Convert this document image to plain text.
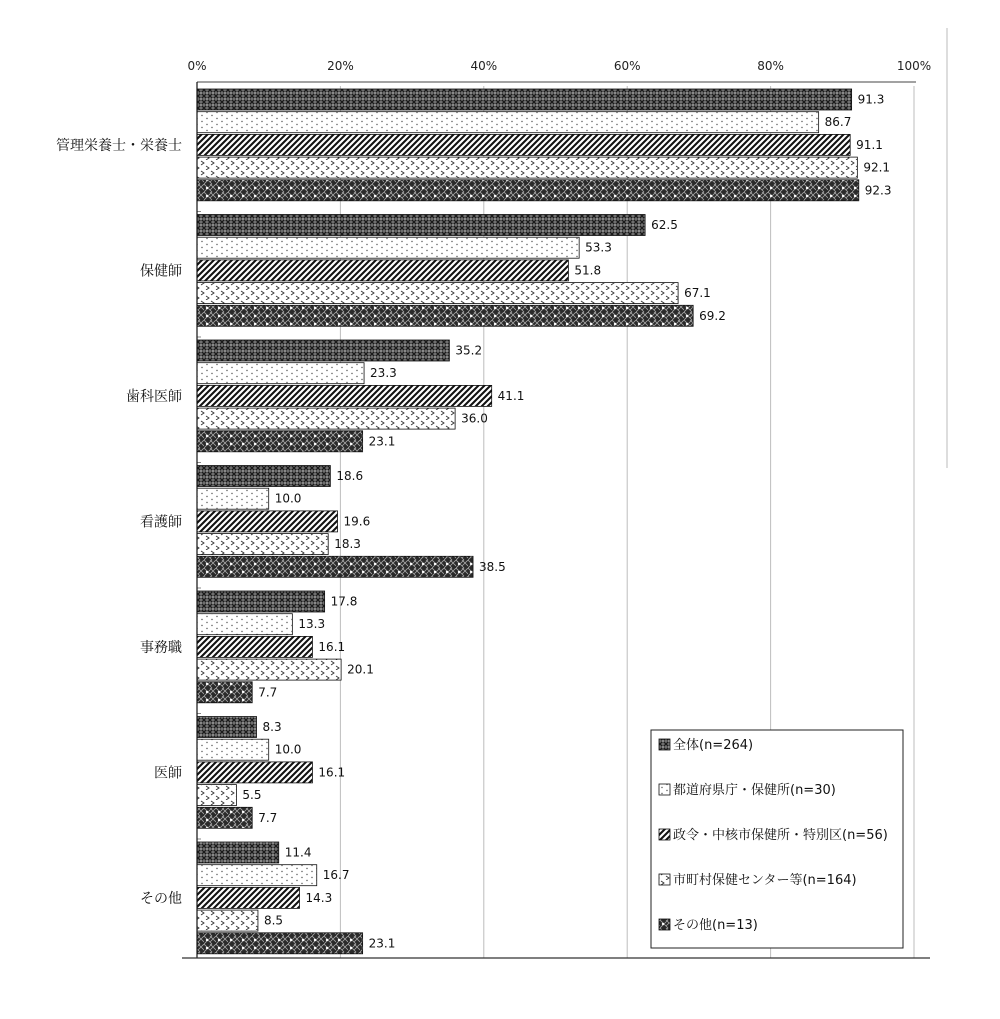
91.3
86.7
91.1
92.1
92.3
62.5
53.3
51.8
67.1
69.2
35.2
23.3
41.1
36.0
23.1
18.6
10.0
19.6
18.3
38.5
17.8
13.3
16.1
20.1
7.7
8.3
10.0
16.1
5.5
7.7
11.4
16.7
14.3
8.5
23.1
0%	20%	40%	60%	80%	100%
管理栄養士・栄養士
保健師
歯科医師
看護師
事務職
医師
その他
全体(n=264)
都道府県庁・保健所(n=30)
政令・中核市保健所・特別区(n=56)
市町村保健センター等(n=164)
その他(n=13)
